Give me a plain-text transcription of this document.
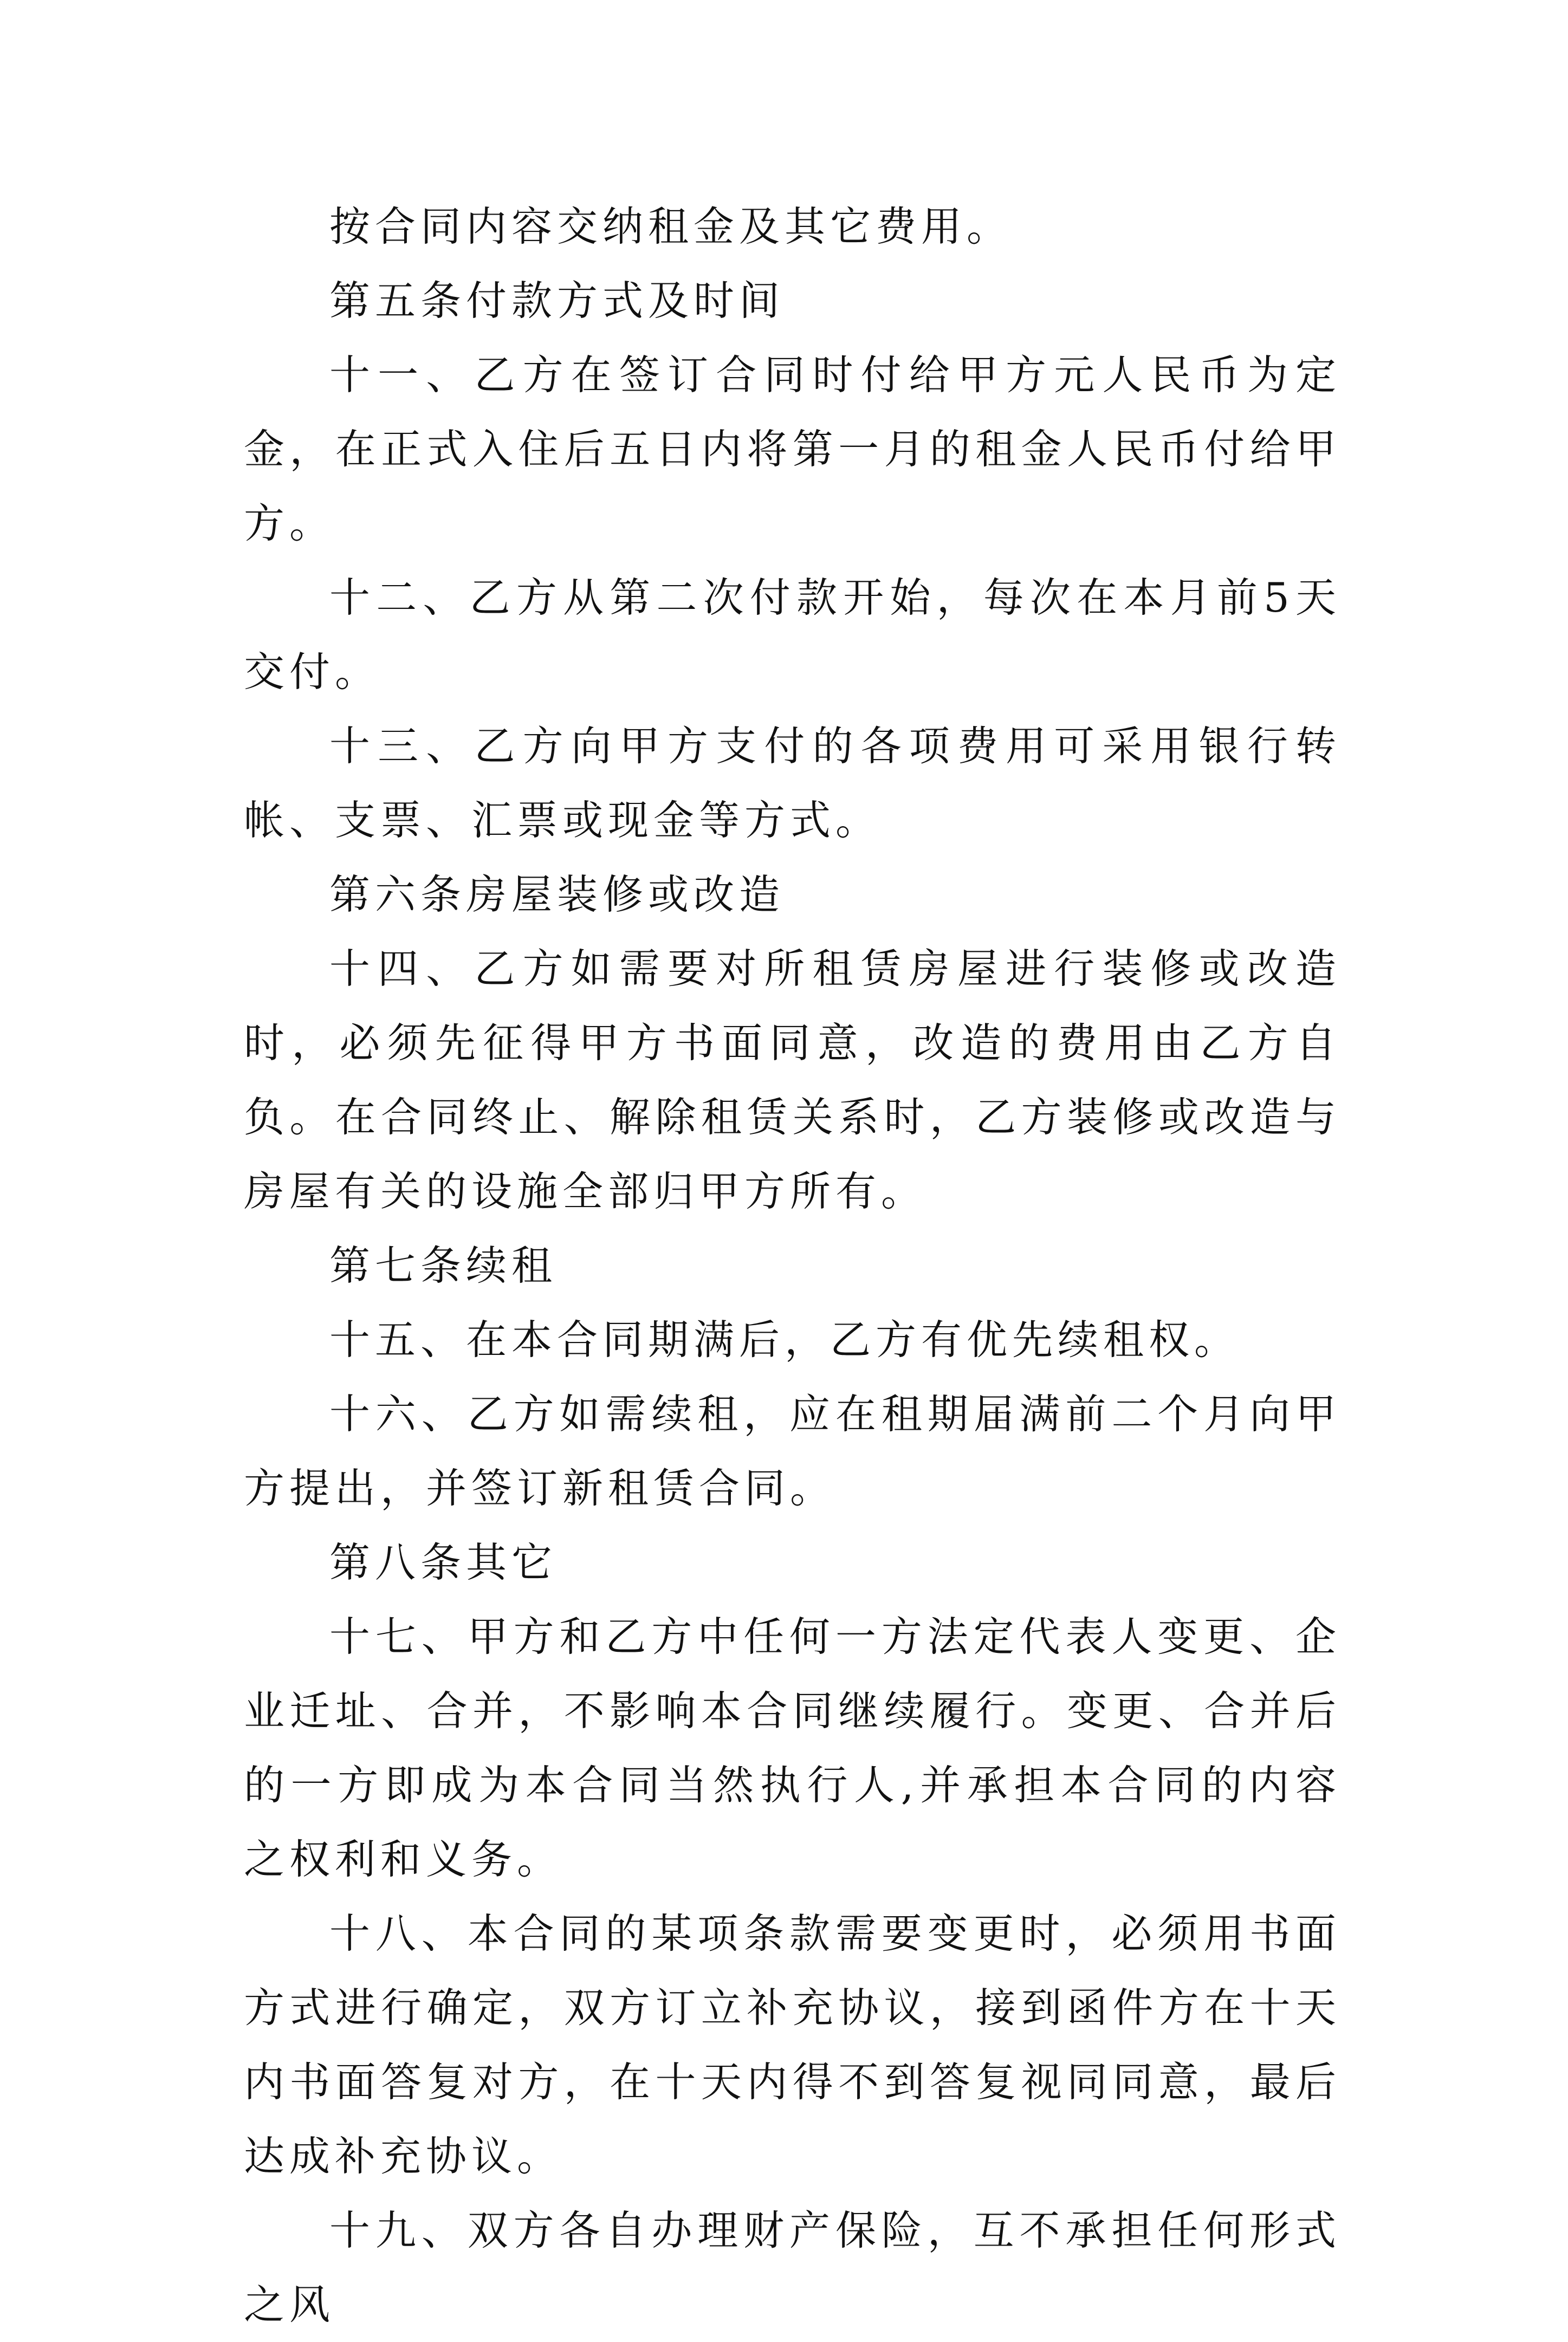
按合同内容交纳租金及其它费用。

第五条付款方式及时间

十一、乙方在签订合同时付给甲方元人民币为定金，在正式入住后五日内将第一月的租金人民币付给甲方。

十二、乙方从第二次付款开始，每次在本月前5天交付。

十三、乙方向甲方支付的各项费用可采用银行转帐、支票、汇票或现金等方式。

第六条房屋装修或改造

十四、乙方如需要对所租赁房屋进行装修或改造时，必须先征得甲方书面同意，改造的费用由乙方自负。在合同终止、解除租赁关系时，乙方装修或改造与房屋有关的设施全部归甲方所有。

第七条续租

十五、在本合同期满后，乙方有优先续租权。

十六、乙方如需续租，应在租期届满前二个月向甲方提出，并签订新租赁合同。

第八条其它

十七、甲方和乙方中任何一方法定代表人变更、企业迁址、合并，不影响本合同继续履行。变更、合并后的一方即成为本合同当然执行人,并承担本合同的内容之权利和义务。

十八、本合同的某项条款需要变更时，必须用书面方式进行确定，双方订立补充协议，接到函件方在十天内书面答复对方，在十天内得不到答复视同同意，最后达成补充协议。

十九、双方各自办理财产保险，互不承担任何形式之风
